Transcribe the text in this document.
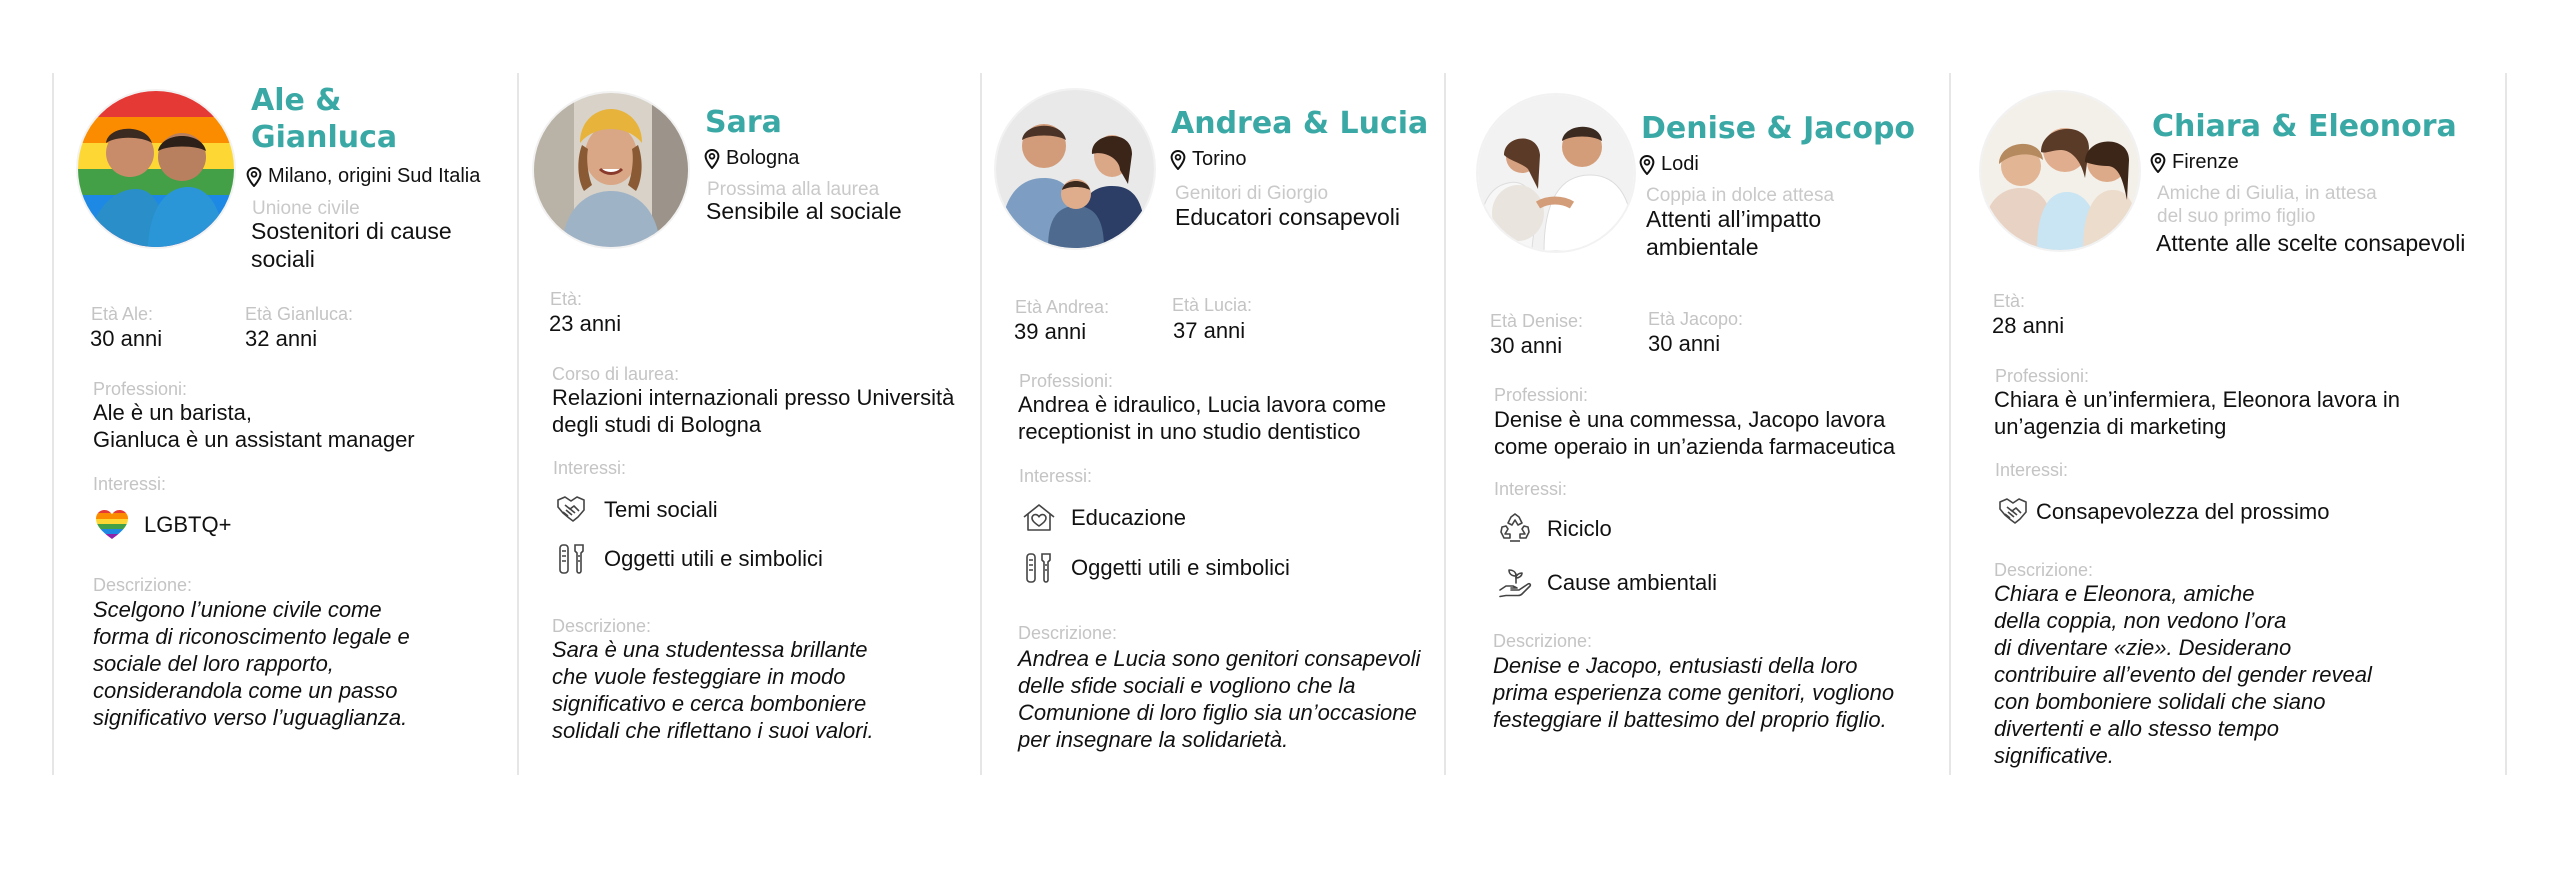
Ale &
Gianluca
Milano, origini Sud Italia
Unione civile
Sostenitori di cause
sociali
Età Ale:
30 anni
Età Gianluca:
32 anni
Professioni:
Ale è un barista,
Gianluca è un assistant manager
Interessi:
LGBTQ+
Descrizione:
Scelgono l’unione civile come
forma di riconoscimento legale e
sociale del loro rapporto,
considerandola come un passo
significativo verso l’uguaglianza.
Sara
Bologna
Prossima alla laurea
Sensibile al sociale
Età:
23 anni
Corso di laurea:
Relazioni internazionali presso Università
degli studi di Bologna
Interessi:
Temi sociali
Oggetti utili e simbolici
Descrizione:
Sara è una studentessa brillante
che vuole festeggiare in modo
significativo e cerca bomboniere
solidali che riflettano i suoi valori.
Andrea & Lucia
Torino
Genitori di Giorgio
Educatori consapevoli
Età Andrea:
39 anni
Età Lucia:
37 anni
Professioni:
Andrea è idraulico, Lucia lavora come
receptionist in uno studio dentistico
Interessi:
Educazione
Oggetti utili e simbolici
Descrizione:
Andrea e Lucia sono genitori consapevoli
delle sfide sociali e vogliono che la
Comunione di loro figlio sia un’occasione
per insegnare la solidarietà.
Denise & Jacopo
Lodi
Coppia in dolce attesa
Attenti all’impatto
ambientale
Età Denise:
30 anni
Età Jacopo:
30 anni
Professioni:
Denise è una commessa, Jacopo lavora
come operaio in un’azienda farmaceutica
Interessi:
Riciclo
Cause ambientali
Descrizione:
Denise e Jacopo, entusiasti della loro
prima esperienza come genitori, vogliono
festeggiare il battesimo del proprio figlio.
Chiara & Eleonora
Firenze
Amiche di Giulia, in attesa
del suo primo figlio
Attente alle scelte consapevoli
Età:
28 anni
Professioni:
Chiara è un’infermiera, Eleonora lavora in
un’agenzia di marketing
Interessi:
Consapevolezza del prossimo
Descrizione:
Chiara e Eleonora, amiche
della coppia, non vedono l’ora
di diventare «zie». Desiderano
contribuire all’evento del gender reveal
con bomboniere solidali che siano
divertenti e allo stesso tempo
significative.
